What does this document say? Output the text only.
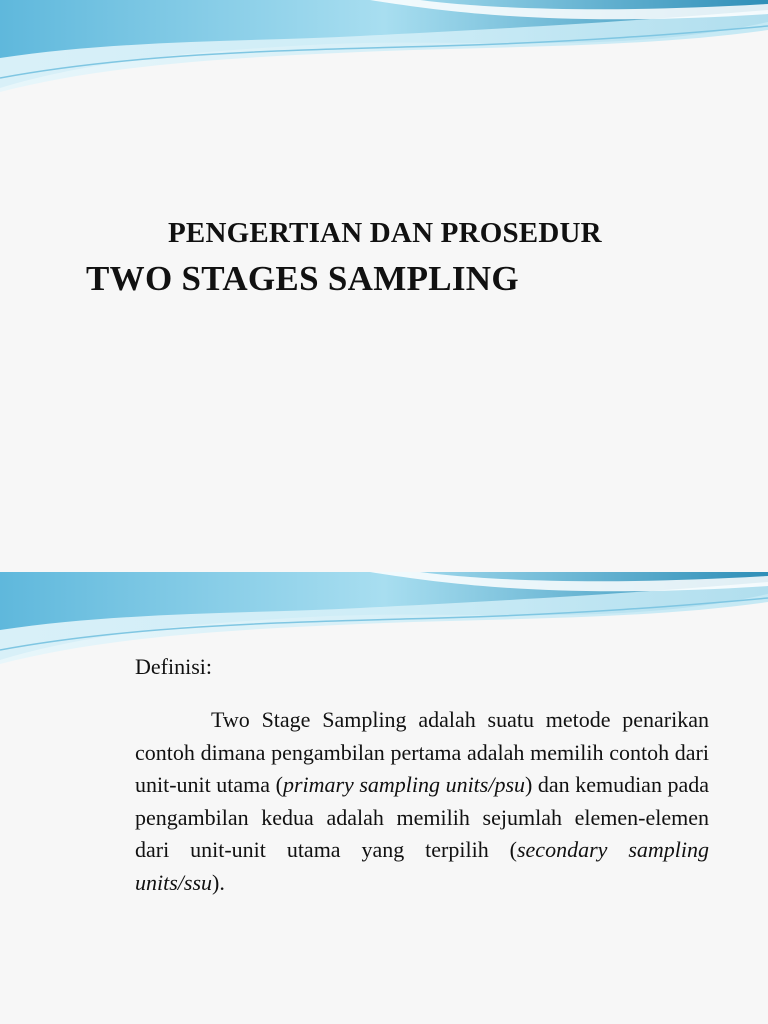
PENGERTIAN DAN PROSEDUR
TWO STAGES SAMPLING
Definisi:
Two Stage Sampling adalah suatu metode penarikan contoh dimana pengambilan pertama adalah memilih contoh dari unit-unit utama (primary sampling units/psu) dan kemudian pada pengambilan kedua adalah memilih sejumlah elemen-elemen dari unit-unit utama yang terpilih (secondary sampling units/ssu).
